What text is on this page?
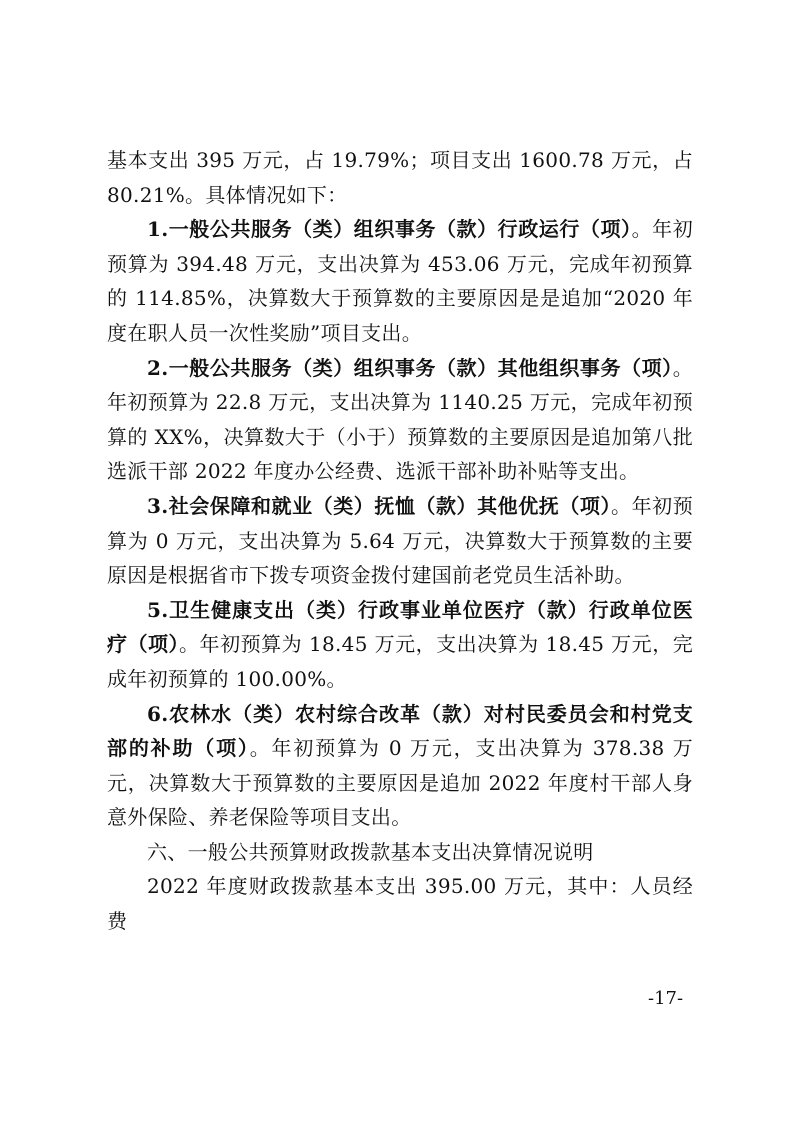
基本支出 395 万元，占 19.79%；项目支出 1600.78 万元，占 80.21%。具体情况如下：

1.一般公共服务（类）组织事务（款）行政运行（项）。年初预算为 394.48 万元，支出决算为 453.06 万元，完成年初预算的 114.85%，决算数大于预算数的主要原因是是追加“2020 年度在职人员一次性奖励”项目支出。

2.一般公共服务（类）组织事务（款）其他组织事务（项）。年初预算为 22.8 万元，支出决算为 1140.25 万元，完成年初预算的 XX%，决算数大于（小于）预算数的主要原因是追加第八批选派干部 2022 年度办公经费、选派干部补助补贴等支出。

3.社会保障和就业（类）抚恤（款）其他优抚（项）。年初预算为 0 万元，支出决算为 5.64 万元，决算数大于预算数的主要原因是根据省市下拨专项资金拨付建国前老党员生活补助。

5.卫生健康支出（类）行政事业单位医疗（款）行政单位医疗（项）。年初预算为 18.45 万元，支出决算为 18.45 万元，完成年初预算的 100.00%。

6.农林水（类）农村综合改革（款）对村民委员会和村党支部的补助（项）。年初预算为 0 万元，支出决算为 378.38 万元，决算数大于预算数的主要原因是追加 2022 年度村干部人身意外保险、养老保险等项目支出。

六、一般公共预算财政拨款基本支出决算情况说明

2022 年度财政拨款基本支出 395.00 万元，其中：人员经费

-17-
